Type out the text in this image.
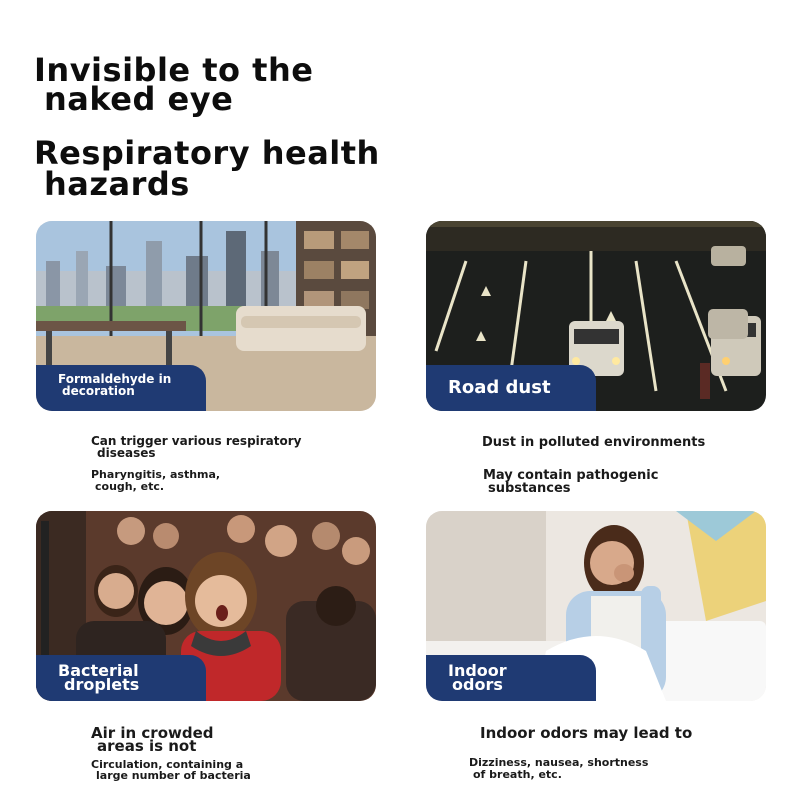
Invisible to the
naked eye
Respiratory health
hazards
Formaldehyde in
decoration	Road dust
Bacterial
droplets
Indoor
odors

Can trigger various respiratory
diseases

Pharyngitis, asthma,
cough, etc.

Dust in polluted environments

May contain pathogenic
substances

Air in crowded
areas is not

Circulation, containing a
large number of bacteria

Indoor odors may lead to

Dizziness, nausea, shortness
of breath, etc.
